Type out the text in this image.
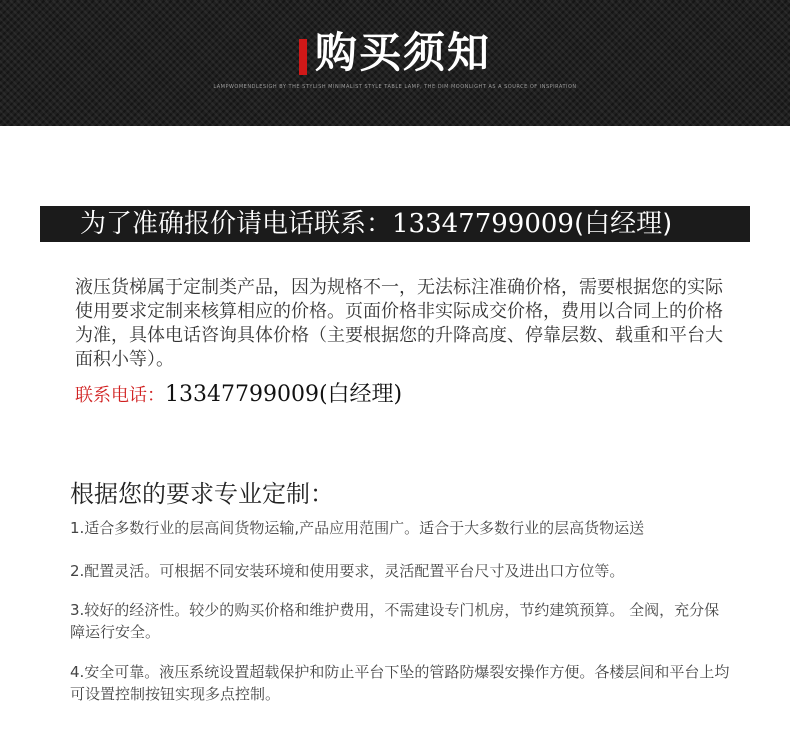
购买须知
LAMPWOMENDLESIGH BY THE STYLISH MINIMALIST STYLE TABLE LAMP, THE DIM MOONLIGHT AS A SOURCE OF INSPIRATION
为了准确报价请电话联系：13347799009(白经理)
液压货梯属于定制类产品，因为规格不一，无法标注准确价格，需要根据您的实际使用要求定制来核算相应的价格。页面价格非实际成交价格，费用以合同上的价格为准，具体电话咨询具体价格（主要根据您的升降高度、停靠层数、载重和平台大面积小等）。
联系电话：13347799009(白经理)
根据您的要求专业定制：
1.适合多数行业的层高间货物运输,产品应用范围广。适合于大多数行业的层高货物运送
2.配置灵活。可根据不同安装环境和使用要求，灵活配置平台尺寸及进出口方位等。
3.较好的经济性。较少的购买价格和维护费用，不需建设专门机房，节约建筑预算。 全阀，充分保障运行安全。
4.安全可靠。液压系统设置超载保护和防止平台下坠的管路防爆裂安操作方便。各楼层间和平台上均可设置控制按钮实现多点控制。
